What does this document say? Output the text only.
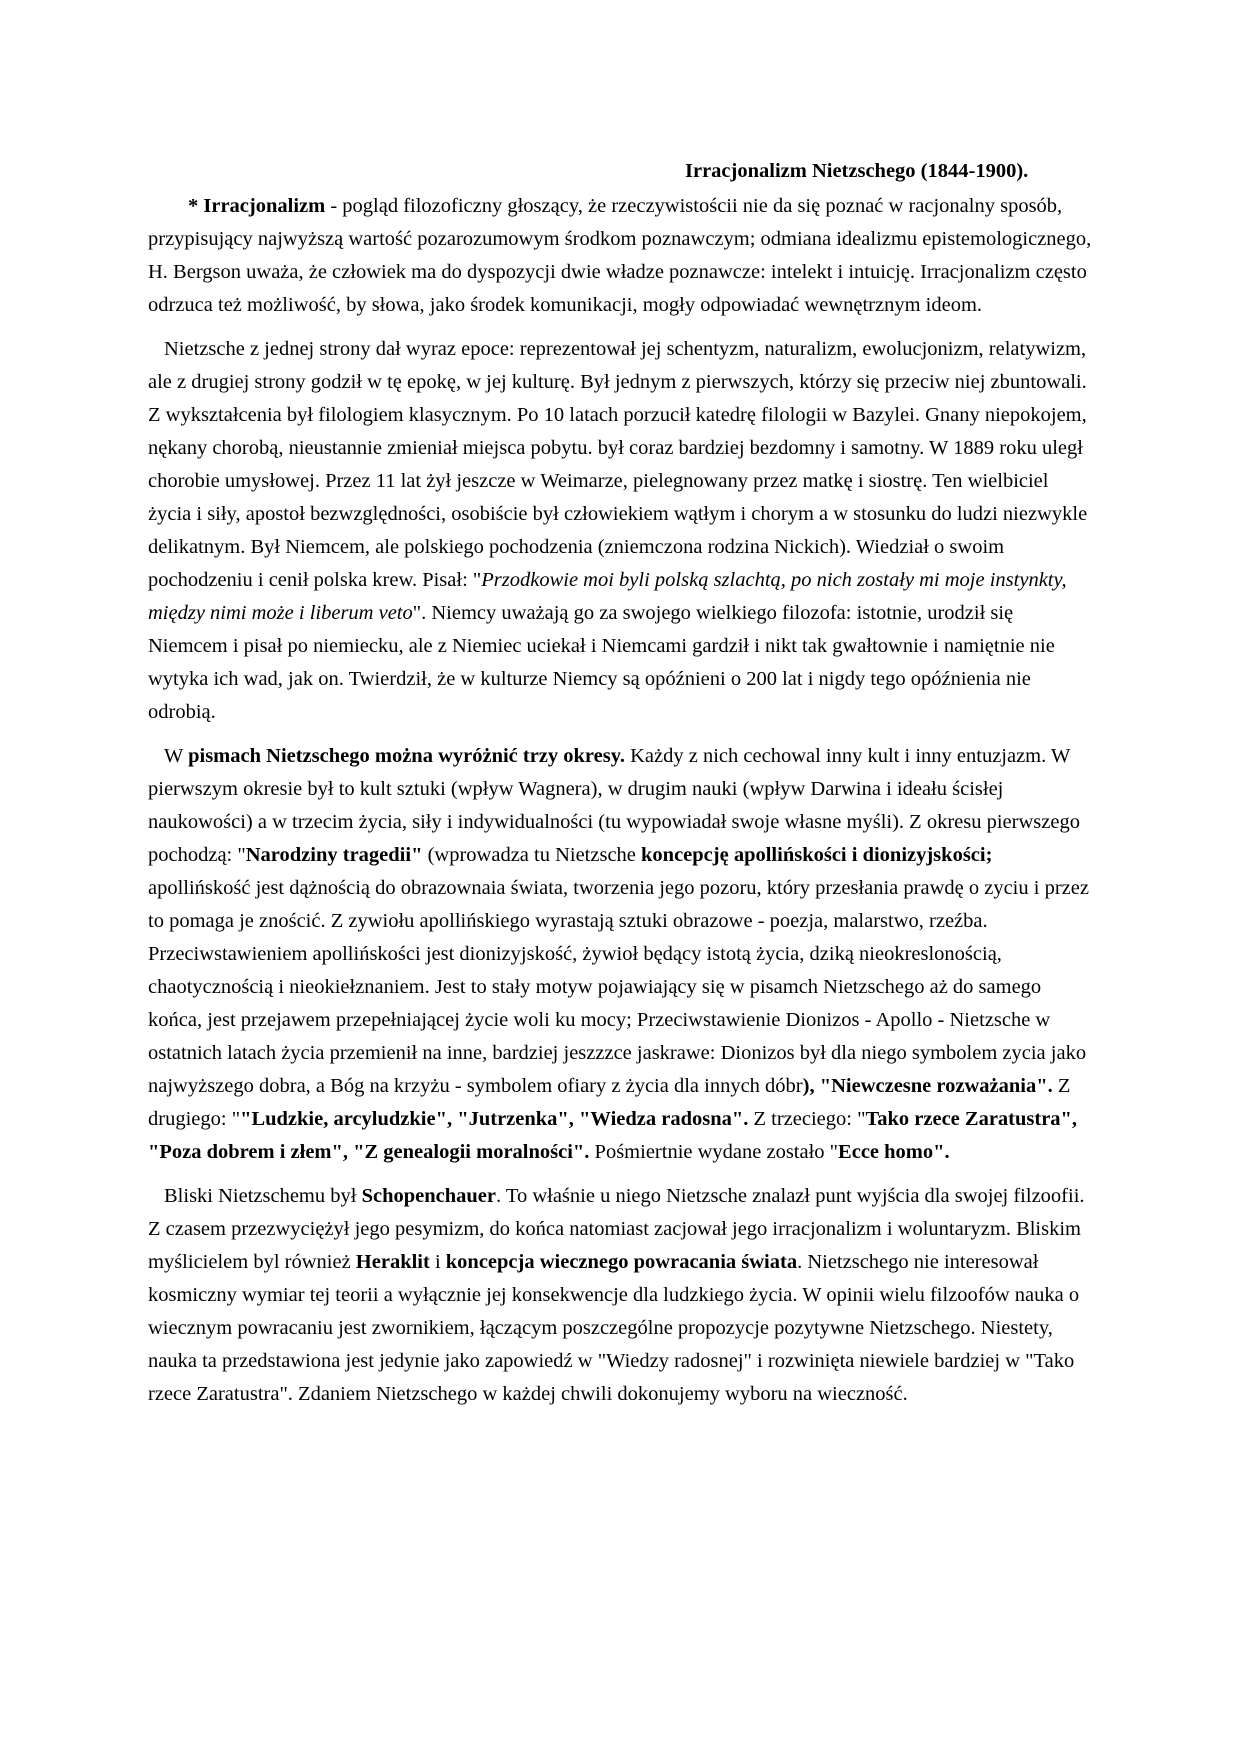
Irracjonalizm Nietzschego (1844-1900).

* Irracjonalizm - pogląd filozoficzny głoszący, że rzeczywistościi nie da się poznać w racjonalny sposób, przypisujący najwyższą wartość pozarozumowym środkom poznawczym; odmiana idealizmu epistemologicznego, H. Bergson uważa, że człowiek ma do dyspozycji dwie władze poznawcze: intelekt i intuicję. Irracjonalizm często odrzuca też możliwość, by słowa, jako środek komunikacji, mogły odpowiadać wewnętrznym ideom.

Nietzsche z jednej strony dał wyraz epoce: reprezentował jej schentyzm, naturalizm, ewolucjonizm, relatywizm, ale z drugiej strony godził w tę epokę, w jej kulturę. Był jednym z pierwszych, którzy się przeciw niej zbuntowali. Z wykształcenia był filologiem klasycznym. Po 10 latach porzucił katedrę filologii w Bazylei. Gnany niepokojem, nękany chorobą, nieustannie zmieniał miejsca pobytu. był coraz bardziej bezdomny i samotny. W 1889 roku uległ chorobie umysłowej. Przez 11 lat żył jeszcze w Weimarze, pielegnowany przez matkę i siostrę. Ten wielbiciel życia i siły, apostoł bezwzględności, osobiście był człowiekiem wątłym i chorym a w stosunku do ludzi niezwykle delikatnym. Był Niemcem, ale polskiego pochodzenia (zniemczona rodzina Nickich). Wiedział o swoim pochodzeniu i cenił polska krew. Pisał: "Przodkowie moi byli polską szlachtą, po nich zostały mi moje instynkty, między nimi może i liberum veto". Niemcy uważają go za swojego wielkiego filozofa: istotnie, urodził się Niemcem i pisał po niemiecku, ale z Niemiec uciekał i Niemcami gardził i nikt tak gwałtownie i namiętnie nie wytyka ich wad, jak on. Twierdził, że w kulturze Niemcy są opóźnieni o 200 lat i nigdy tego opóźnienia nie odrobią.

W pismach Nietzschego można wyróżnić trzy okresy. Każdy z nich cechowal inny kult i inny entuzjazm. W pierwszym okresie był to kult sztuki (wpływ Wagnera), w drugim nauki (wpływ Darwina i ideału ścisłej naukowości) a w trzecim życia, siły i indywidualności (tu wypowiadał swoje własne myśli). Z okresu pierwszego pochodzą: "Narodziny tragedii" (wprowadza tu Nietzsche koncepcję apollińskości i dionizyjskości; apollińskość jest dążnością do obrazownaia świata, tworzenia jego pozoru, który przesłania prawdę o zyciu i przez to pomaga je znościć. Z zywiołu apollińskiego wyrastają sztuki obrazowe - poezja, malarstwo, rzeźba. Przeciwstawieniem apollińskości jest dionizyjskość, żywioł będący istotą życia, dziką nieokreslonością, chaotycznością i nieokiełznaniem. Jest to stały motyw pojawiający się w pisamch Nietzschego aż do samego końca, jest przejawem przepełniającej życie woli ku mocy; Przeciwstawienie Dionizos - Apollo - Nietzsche w ostatnich latach życia przemienił na inne, bardziej jeszzzce jaskrawe: Dionizos był dla niego symbolem zycia jako najwyższego dobra, a Bóg na krzyżu - symbolem ofiary z życia dla innych dóbr), "Niewczesne rozważania". Z drugiego: ""Ludzkie, arcyludzkie", "Jutrzenka", "Wiedza radosna". Z trzeciego: "Tako rzece Zaratustra", "Poza dobrem i złem", "Z genealogii moralności". Pośmiertnie wydane zostało "Ecce homo".

Bliski Nietzschemu był Schopenchauer. To właśnie u niego Nietzsche znalazł punt wyjścia dla swojej filzoofii. Z czasem przezwyciężył jego pesymizm, do końca natomiast zacjował jego irracjonalizm i woluntaryzm. Bliskim myślicielem byl również Heraklit i koncepcja wiecznego powracania świata. Nietzschego nie interesował kosmiczny wymiar tej teorii a wyłącznie jej konsekwencje dla ludzkiego życia. W opinii wielu filzoofów nauka o wiecznym powracaniu jest zwornikiem, łączącym poszczególne propozycje pozytywne Nietzschego. Niestety, nauka ta przedstawiona jest jedynie jako zapowiedź w "Wiedzy radosnej" i rozwinięta niewiele bardziej w "Tako rzece Zaratustra". Zdaniem Nietzschego w każdej chwili dokonujemy wyboru na wieczność.
